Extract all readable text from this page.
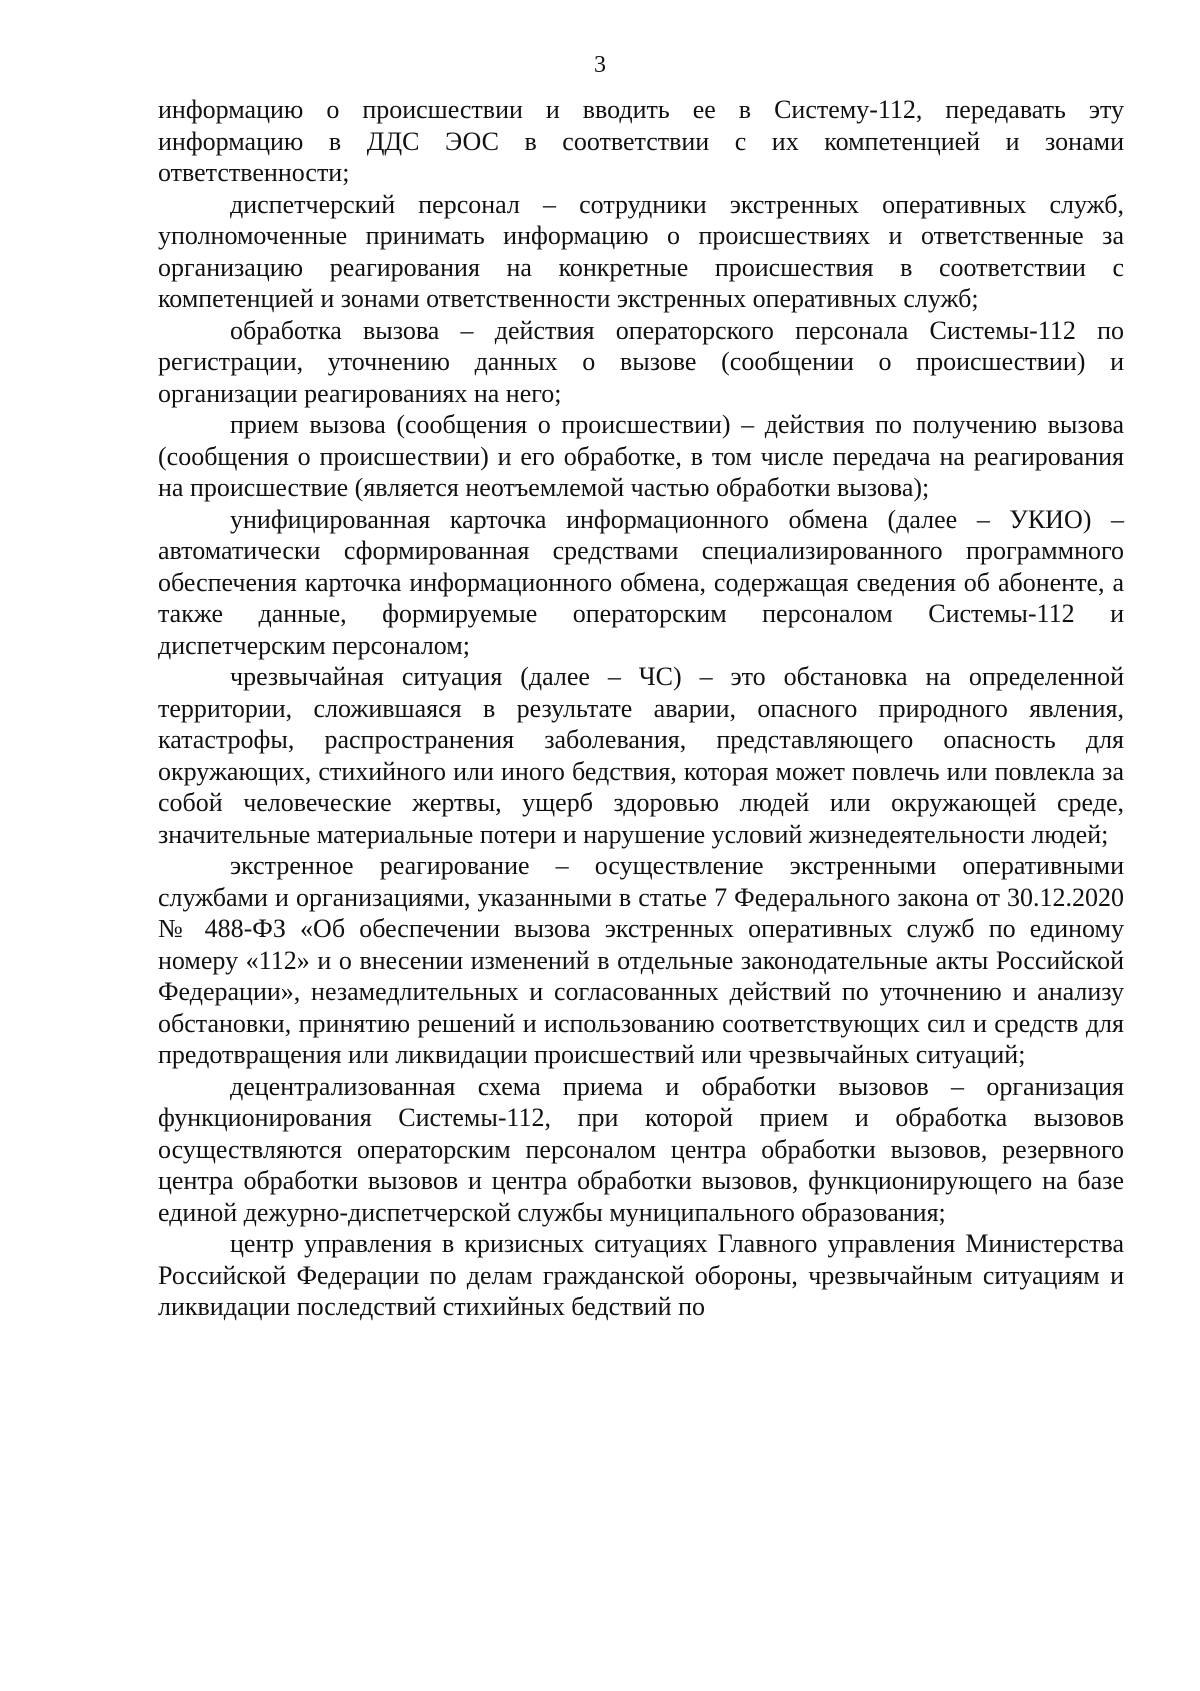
3

информацию о происшествии и вводить ее в Систему-112, передавать эту информацию в ДДС ЭОС в соответствии с их компетенцией и зонами ответственности;

диспетчерский персонал – сотрудники экстренных оперативных служб, уполномоченные принимать информацию о происшествиях и ответственные за организацию реагирования на конкретные происшествия в соответствии с компетенцией и зонами ответственности экстренных оперативных служб;

обработка вызова – действия операторского персонала Системы-112 по регистрации, уточнению данных о вызове (сообщении о происшествии) и организации реагированиях на него;

прием вызова (сообщения о происшествии) – действия по получению вызова (сообщения о происшествии) и его обработке, в том числе передача на реагирования на происшествие (является неотъемлемой частью обработки вызова);

унифицированная карточка информационного обмена (далее – УКИО) – автоматически сформированная средствами специализированного программного обеспечения карточка информационного обмена, содержащая сведения об абоненте, а также данные, формируемые операторским персоналом Системы-112 и диспетчерским персоналом;

чрезвычайная ситуация (далее – ЧС) – это обстановка на определенной территории, сложившаяся в результате аварии, опасного природного явления, катастрофы, распространения заболевания, представляющего опасность для окружающих, стихийного или иного бедствия, которая может повлечь или повлекла за собой человеческие жертвы, ущерб здоровью людей или окружающей среде, значительные материальные потери и нарушение условий жизнедеятельности людей;

экстренное реагирование – осуществление экстренными оперативными службами и организациями, указанными в статье 7 Федерального закона от 30.12.2020 № 488-ФЗ «Об обеспечении вызова экстренных оперативных служб по единому номеру «112» и о внесении изменений в отдельные законодательные акты Российской Федерации», незамедлительных и согласованных действий по уточнению и анализу обстановки, принятию решений и использованию соответствующих сил и средств для предотвращения или ликвидации происшествий или чрезвычайных ситуаций;

децентрализованная схема приема и обработки вызовов – организация функционирования Системы-112, при которой прием и обработка вызовов осуществляются операторским персоналом центра обработки вызовов, резервного центра обработки вызовов и центра обработки вызовов, функционирующего на базе единой дежурно-диспетчерской службы муниципального образования;

центр управления в кризисных ситуациях Главного управления Министерства Российской Федерации по делам гражданской обороны, чрезвычайным ситуациям и ликвидации последствий стихийных бедствий по
